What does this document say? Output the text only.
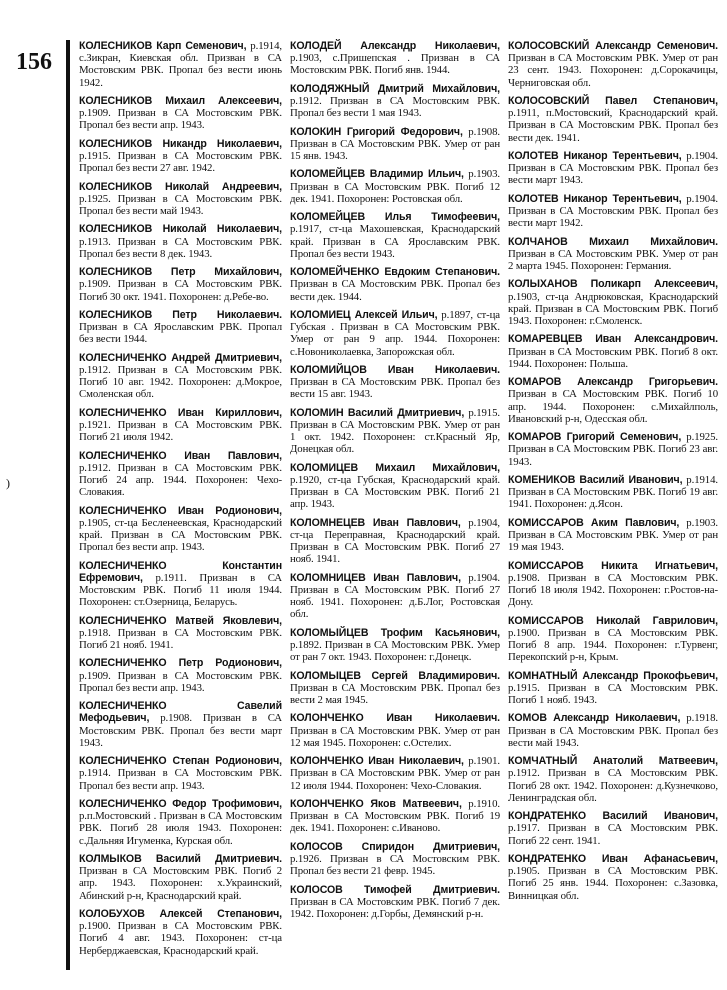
156
)
КОЛЕСНИКОВ Карп Семенович, р.1914, с.Зикран, Киевская обл. Призван в СА Мостовским РВК. Пропал без вести июнь 1942.
КОЛЕСНИКОВ Михаил Алексеевич, р.1909. Призван в СА Мостовским РВК. Пропал без вести апр. 1943.
КОЛЕСНИКОВ Никандр Николаевич, р.1915. Призван в СА Мостовским РВК. Пропал без вести 27 авг. 1942.
КОЛЕСНИКОВ Николай Андреевич, р.1925. Призван в СА Мостовским РВК. Пропал без вести май 1943.
КОЛЕСНИКОВ Николай Николаевич, р.1913. Призван в СА Мостовским РВК. Пропал без вести 8 дек. 1943.
КОЛЕСНИКОВ Петр Михайлович, р.1909. Призван в СА Мостовским РВК. Погиб 30 окт. 1941. Похоронен: д.Ребе-во.
КОЛЕСНИКОВ Петр Николаевич. Призван в СА Ярославским РВК. Пропал без вести 1944.
КОЛЕСНИЧЕНКО Андрей Дмитриевич, р.1912. Призван в СА Мостовским РВК. Погиб 10 авг. 1942. Похоронен: д.Мокрое, Смоленская обл.
КОЛЕСНИЧЕНКО Иван Кириллович, р.1921. Призван в СА Мостовским РВК. Погиб 21 июля 1942.
КОЛЕСНИЧЕНКО Иван Павлович, р.1912. Призван в СА Мостовским РВК. Погиб 24 апр. 1944. Похоронен: Чехо-Словакия.
КОЛЕСНИЧЕНКО Иван Родионович, р.1905, ст-ца Бесленеевская, Краснодарский край. Призван в СА Мостовским РВК. Пропал без вести апр. 1943.
КОЛЕСНИЧЕНКО Константин Ефремович, р.1911. Призван в СА Мостовским РВК. Погиб 11 июля 1944. Похоронен: ст.Озерница, Беларусь.
КОЛЕСНИЧЕНКО Матвей Яковлевич, р.1918. Призван в СА Мостовским РВК. Погиб 21 нояб. 1941.
КОЛЕСНИЧЕНКО Петр Родионович, р.1909. Призван в СА Мостовским РВК. Пропал без вести апр. 1943.
КОЛЕСНИЧЕНКО Савелий Мефодьевич, р.1908. Призван в СА Мостовским РВК. Пропал без вести март 1943.
КОЛЕСНИЧЕНКО Степан Родионович, р.1914. Призван в СА Мостовским РВК. Пропал без вести апр. 1943.
КОЛЕСНИЧЕНКО Федор Трофимович, р.п.Мостовский . Призван в СА Мостовским РВК. Погиб 28 июля 1943. Похоронен: с.Дальняя Игуменка, Курская обл.
КОЛМЫКОВ Василий Дмитриевич. Призван в СА Мостовским РВК. Погиб 2 апр. 1943. Похоронен: х.Украинский, Абинский р-н, Краснодарский край.
КОЛОБУХОВ Алексей Степанович, р.1900. Призван в СА Мостовским РВК. Погиб 4 авг. 1943. Похоронен: ст-ца Нерберджаевская, Краснодарский край.
КОЛОДЕЙ Александр Николаевич, р.1903, с.Пришепская . Призван в СА Мостовским РВК. Погиб янв. 1944.
КОЛОДЯЖНЫЙ Дмитрий Михайлович, р.1912. Призван в СА Мостовским РВК. Пропал без вести 1 мая 1943.
КОЛОКИН Григорий Федорович, р.1908. Призван в СА Мостовским РВК. Умер от ран 15 янв. 1943.
КОЛОМЕЙЦЕВ Владимир Ильич, р.1903. Призван в СА Мостовским РВК. Погиб 12 дек. 1941. Похоронен: Ростовская обл.
КОЛОМЕЙЦЕВ Илья Тимофеевич, р.1917, ст-ца Махошевская, Краснодарский край. Призван в СА Ярославским РВК. Пропал без вести 1943.
КОЛОМЕЙЧЕНКО Евдоким Степанович. Призван в СА Мостовским РВК. Пропал без вести дек. 1944.
КОЛОМИЕЦ Алексей Ильич, р.1897, ст-ца Губская . Призван в СА Мостовским РВК. Умер от ран 9 апр. 1944. Похоронен: с.Новониколаевка, Запорожская обл.
КОЛОМИЙЦОВ Иван Николаевич. Призван в СА Мостовским РВК. Пропал без вести 15 авг. 1943.
КОЛОМИН Василий Дмитриевич, р.1915. Призван в СА Мостовским РВК. Умер от ран 1 окт. 1942. Похоронен: ст.Красный Яр, Донецкая обл.
КОЛОМИЦЕВ Михаил Михайлович, р.1920, ст-ца Губская, Краснодарский край. Призван в СА Мостовским РВК. Погиб 21 апр. 1943.
КОЛОМНЕЦЕВ Иван Павлович, р.1904, ст-ца Переправная, Краснодарский край. Призван в СА Мостовским РВК. Погиб 27 нояб. 1941.
КОЛОМНИЦЕВ Иван Павлович, р.1904. Призван в СА Мостовским РВК. Погиб 27 нояб. 1941. Похоронен: д.Б.Лог, Ростовская обл.
КОЛОМЫЙЦЕВ Трофим Касьянович, р.1892. Призван в СА Мостовским РВК. Умер от ран 7 окт. 1943. Похоронен: г.Донецк.
КОЛОМЫЦЕВ Сергей Владимирович. Призван в СА Мостовским РВК. Пропал без вести 2 мая 1945.
КОЛОНЧЕНКО Иван Николаевич. Призван в СА Мостовским РВК. Умер от ран 12 мая 1945. Похоронен: с.Остелих.
КОЛОНЧЕНКО Иван Николаевич, р.1901. Призван в СА Мостовским РВК. Умер от ран 12 июля 1944. Похоронен: Чехо-Словакия.
КОЛОНЧЕНКО Яков Матвеевич, р.1910. Призван в СА Мостовским РВК. Погиб 19 дек. 1941. Похоронен: с.Иваново.
КОЛОСОВ Спиридон Дмитриевич, р.1926. Призван в СА Мостовским РВК. Пропал без вести 21 февр. 1945.
КОЛОСОВ Тимофей Дмитриевич. Призван в СА Мостовским РВК. Погиб 7 дек. 1942. Похоронен: д.Горбы, Демянский р-н.
КОЛОСОВСКИЙ Александр Семенович. Призван в СА Мостовским РВК. Умер от ран 23 сент. 1943. Похоронен: д.Сорокачицы, Черниговская обл.
КОЛОСОВСКИЙ Павел Степанович, р.1911, п.Мостовский, Краснодарский край. Призван в СА Мостовским РВК. Пропал без вести дек. 1941.
КОЛОТЕВ Никанор Терентьевич, р.1904. Призван в СА Мостовским РВК. Пропал без вести март 1943.
КОЛОТЕВ Никанор Терентьевич, р.1904. Призван в СА Мостовским РВК. Пропал без вести март 1942.
КОЛЧАНОВ Михаил Михайлович. Призван в СА Мостовским РВК. Умер от ран 2 марта 1945. Похоронен: Германия.
КОЛЫХАНОВ Поликарп Алексеевич, р.1903, ст-ца Андрюковская, Краснодарский край. Призван в СА Мостовским РВК. Погиб 1943. Похоронен: г.Смоленск.
КОМАРЕВЦЕВ Иван Александрович. Призван в СА Мостовским РВК. Погиб 8 окт. 1944. Похоронен: Польша.
КОМАРОВ Александр Григорьевич. Призван в СА Мостовским РВК. Погиб 10 апр. 1944. Похоронен: с.Михайлполь, Ивановский р-н, Одесская обл.
КОМАРОВ Григорий Семенович, р.1925. Призван в СА Мостовским РВК. Погиб 23 авг. 1943.
КОМЕНИКОВ Василий Иванович, р.1914. Призван в СА Мостовским РВК. Погиб 19 авг. 1941. Похоронен: д.Ясон.
КОМИССАРОВ Аким Павлович, р.1903. Призван в СА Мостовским РВК. Умер от ран 19 мая 1943.
КОМИССАРОВ Никита Игнатьевич, р.1908. Призван в СА Мостовским РВК. Погиб 18 июля 1942. Похоронен: г.Ростов-на-Дону.
КОМИССАРОВ Николай Гаврилович, р.1900. Призван в СА Мостовским РВК. Погиб 8 апр. 1944. Похоронен: г.Турвенг, Перекопский р-н, Крым.
КОМНАТНЫЙ Александр Прокофьевич, р.1915. Призван в СА Мостовским РВК. Погиб 1 нояб. 1943.
КОМОВ Александр Николаевич, р.1918. Призван в СА Мостовским РВК. Пропал без вести май 1943.
КОМЧАТНЫЙ Анатолий Матвеевич, р.1912. Призван в СА Мостовским РВК. Погиб 28 окт. 1942. Похоронен: д.Кузнечково, Ленинградская обл.
КОНДРАТЕНКО Василий Иванович, р.1917. Призван в СА Мостовским РВК. Погиб 22 сент. 1941.
КОНДРАТЕНКО Иван Афанасьевич, р.1905. Призван в СА Мостовским РВК. Погиб 25 янв. 1944. Похоронен: с.Зазовка, Винницкая обл.
